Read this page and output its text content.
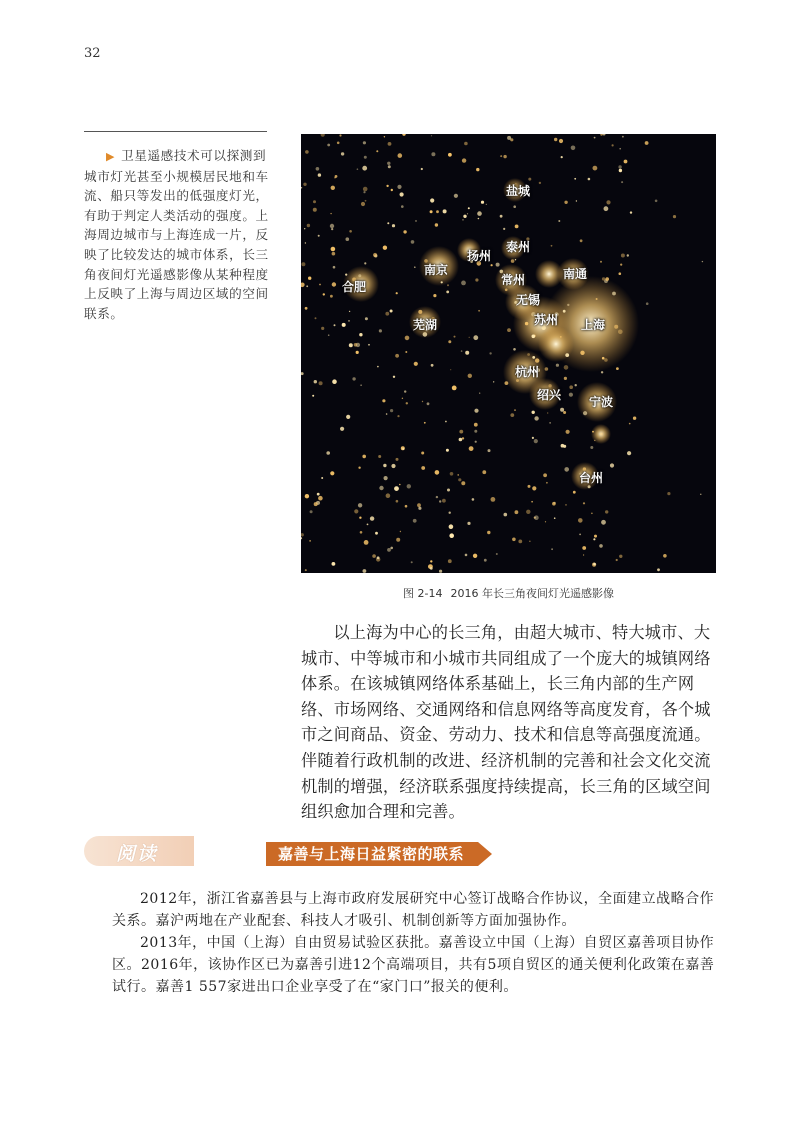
32
▶ 卫星遥感技术可以探测到城市灯光甚至小规模居民地和车流、船只等发出的低强度灯光，有助于判定人类活动的强度。上海周边城市与上海连成一片，反映了比较发达的城市体系，长三角夜间灯光遥感影像从某种程度上反映了上海与周边区域的空间联系。
盐城
泰州
扬州
南京
常州	南通
合肥
无锡
苏州 上海
芜湖
杭州
绍兴 宁波
台州
图 2-14 2016 年长三角夜间灯光遥感影像
以上海为中心的长三角，由超大城市、特大城市、大城市、中等城市和小城市共同组成了一个庞大的城镇网络体系。在该城镇网络体系基础上，长三角内部的生产网络、市场网络、交通网络和信息网络等高度发育，各个城市之间商品、资金、劳动力、技术和信息等高强度流通。伴随着行政机制的改进、经济机制的完善和社会文化交流机制的增强，经济联系强度持续提高，长三角的区域空间组织愈加合理和完善。
阅读	嘉善与上海日益紧密的联系

2012年，浙江省嘉善县与上海市政府发展研究中心签订战略合作协议，全面建立战略合作关系。嘉沪两地在产业配套、科技人才吸引、机制创新等方面加强协作。

2013年，中国（上海）自由贸易试验区获批。嘉善设立中国（上海）自贸区嘉善项目协作区。2016年，该协作区已为嘉善引进12个高端项目，共有5项自贸区的通关便利化政策在嘉善试行。嘉善1 557家进出口企业享受了在“家门口”报关的便利。
